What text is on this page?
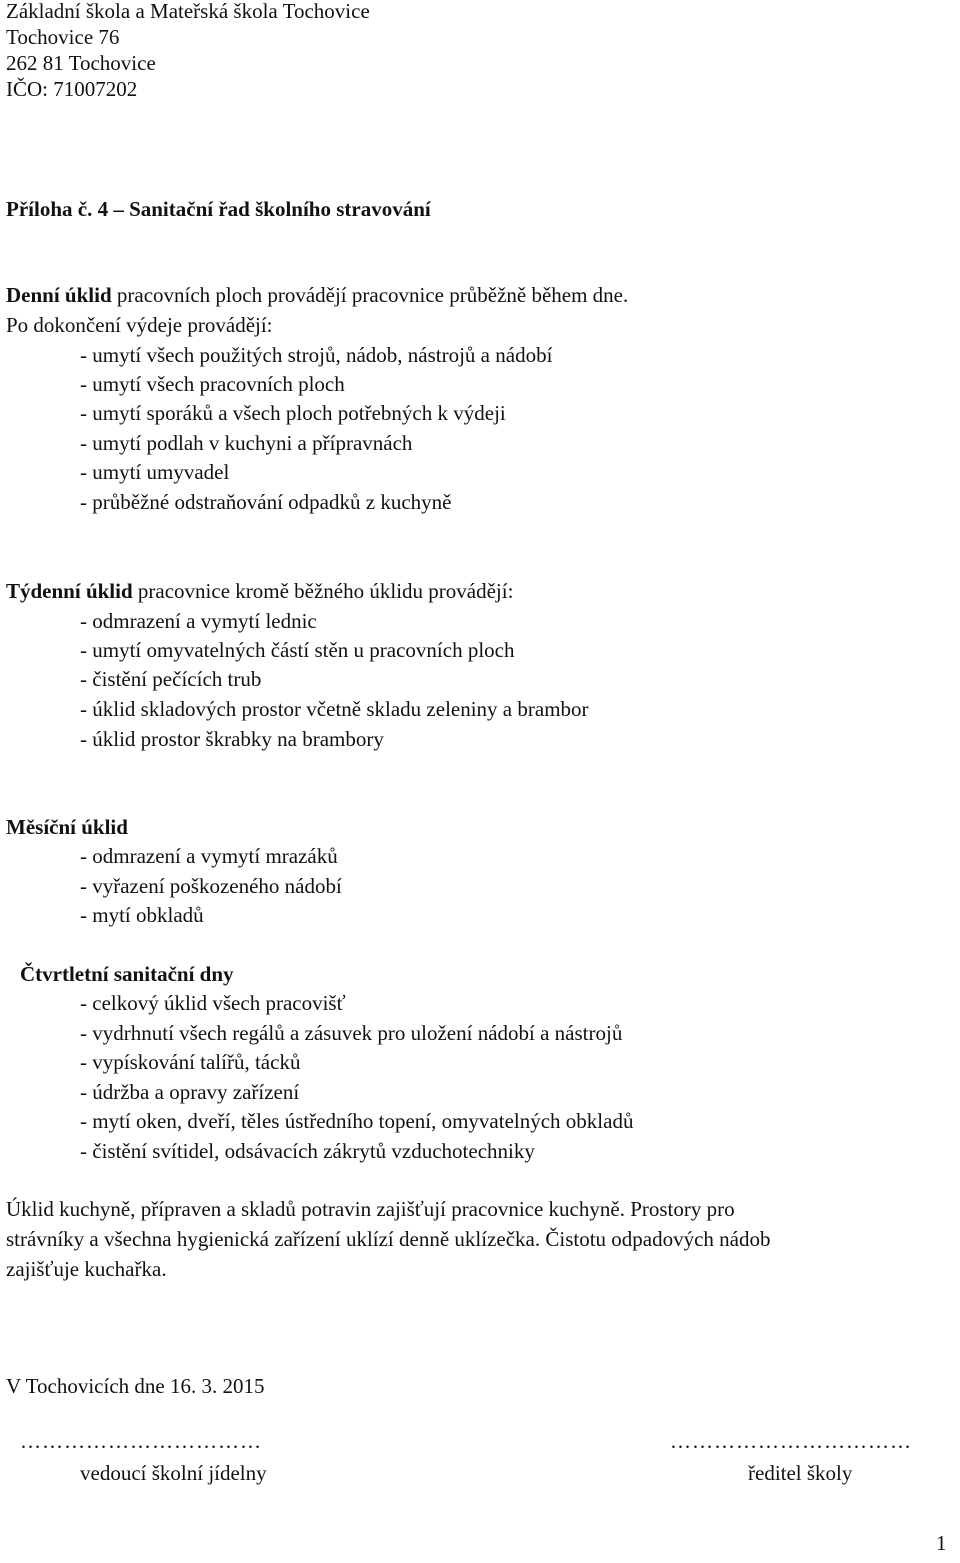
Základní škola a Mateřská škola Tochovice
Tochovice 76
262 81 Tochovice
IČO: 71007202
Příloha č. 4 – Sanitační řad školního stravování
Denní úklid pracovních ploch provádějí pracovnice průběžně během dne.
Po dokončení výdeje provádějí:
- umytí všech použitých strojů, nádob, nástrojů a nádobí
- umytí všech pracovních ploch
- umytí sporáků a všech ploch potřebných k výdeji
- umytí podlah v kuchyni a přípravnách
- umytí umyvadel
- průběžné odstraňování odpadků z kuchyně
Týdenní úklid pracovnice kromě běžného úklidu provádějí:
- odmrazení a vymytí lednic
- umytí omyvatelných částí stěn u pracovních ploch
- čistění pečících trub
- úklid skladových prostor včetně skladu zeleniny a brambor
- úklid prostor škrabky na brambory
Měsíční úklid
- odmrazení a vymytí mrazáků
- vyřazení poškozeného nádobí
- mytí obkladů
Čtvrtletní sanitační dny
- celkový úklid všech pracovišť
- vydrhnutí všech regálů a zásuvek pro uložení nádobí a nástrojů
- vypískování talířů, tácků
- údržba a opravy zařízení
- mytí oken, dveří, těles ústředního topení, omyvatelných obkladů
- čistění svítidel, odsávacích zákrytů vzduchotechniky
Úklid kuchyně, přípraven a skladů potravin zajišťují pracovnice kuchyně. Prostory pro
strávníky a všechna hygienická zařízení uklízí denně uklízečka. Čistotu odpadových nádob
zajišťuje kuchařka.
V Tochovicích dne 16. 3. 2015
……………………………
vedoucí školní jídelny
……………………………
ředitel školy
1
